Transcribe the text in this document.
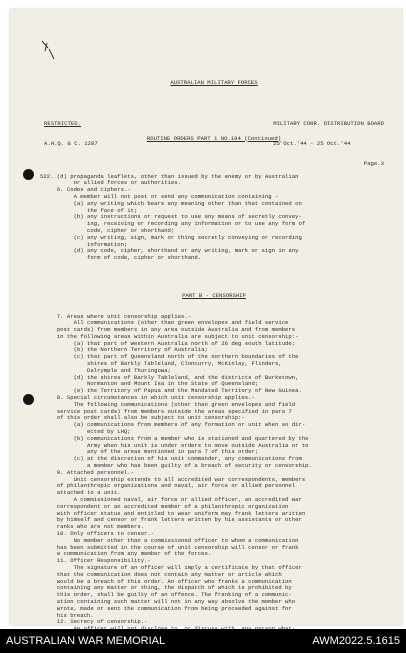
AUSTRALIAN MILITARY FORCES

RESTRICTED.

A.H.Q. & C. 1287

MILITARY CORR. DISTRIBUTION BOARD

25 Oct.'44 - 25 Oct.'44

Page.3

ROUTINE ORDERS PART 1 NO.184 (Continued)

522. (d) propaganda leaflets, other than issued by the enemy or by Australian
or allied forces or authorities.
6. Codes and ciphers.-
A member will not post or send any communication containing -
(a) any writing which bears any meaning other than that contained on
the face of it;
(b) any instructions or request to use any means of secretly convey-
ing, receiving or recording any information or to use any form of
code, cipher or shorthand;
(c) any writing, sign, mark or thing secretly conveying or recording
information;
(d) any code, cipher, shorthand or any writing, mark or sign in any
form of code, cipher or shorthand.

PART B - CENSORSHIP

7. Areas where unit censorship applies.-
All communications (other than green envelopes and field service
post cards) from members in any area outside Australia and from members
in the following areas within Australia are subject to unit censorship:-
(a) that part of Western Australia north of 26 deg south latitude;
(b) the Northern Territory of Australia;
(c) that part of Queensland north of the northern boundaries of the
shires of Barkly Tableland, Cloncurry, McKinlay, Flinders,
Dalrymple and Thuringowa;
(d) the shires of Barkly Tableland, and the districts of Burketown,
Normanton and Mount Isa in the State of Queensland;
(e) the Territory of Papua and the Mandated Territory of New Guinea.
8. Special circumstances in which unit censorship applies.-
The following communications (other than green envelopes and field
service post cards) from members outside the areas specified in para 7
of this order shall also be subject to unit censorship:-
(a) communications from members of any formation or unit when so dir-
ected by LHQ;
(b) communications from a member who is stationed and quartered by the
Army when his unit is under orders to move outside Australia or to
any of the areas mentioned in para 7 of this order;
(c) at the discretion of his unit commander, any communications from
a member who has been guilty of a breach of security or censorship.
9. Attached personnel.-
Unit censorship extends to all accredited war correspondents, members
of philanthropic organizations and naval, air force or allied personnel
attached to a unit.
A commissioned naval, air force or allied officer, an accredited war
correspondent or an accredited member of a philanthropic organization
with officer status and entitled to wear uniform may frank letters written
by himself and censor or frank letters written by his assistants or other
ranks who are not members.
10. Only officers to censor.-
No member other than a commissioned officer to whom a communication
has been submitted in the course of unit censorship will censor or frank
a communication from any member of the forces.
11. Officer Responsibility.-
The signature of an officer will imply a certificate by that officer
that the communication does not contain any matter or article which
would be a breach of this order. An officer who franks a communication
containing any matter or thing, the dispatch of which is prohibited by
this order, shall be guilty of an offence. The franking of a communic-
ation containing such matter will not in any way absolve the member who
wrote, made or sent the communication from being proceeded against for
his breach.
12. Secrecy of censorship.-

AUSTRALIAN WAR MEMORIAL	AWM2022.5.1615
